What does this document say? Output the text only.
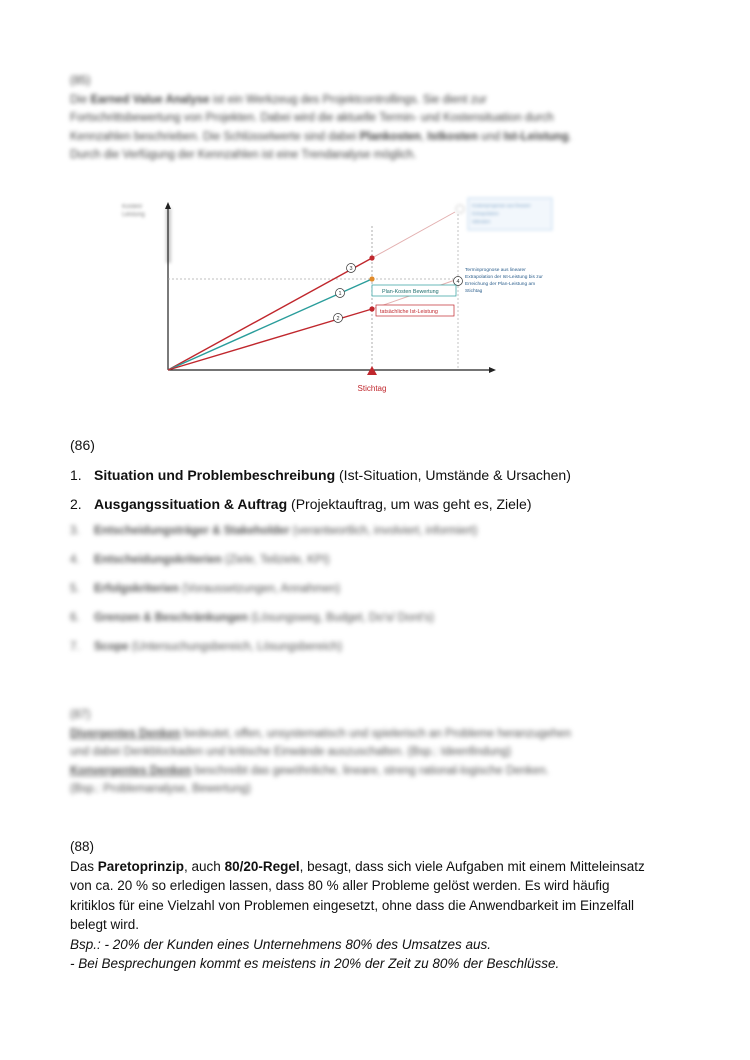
(85)

Die Earned Value Analyse ist ein Werkzeug des Projektcontrollings. Sie dient zur

Fortschrittsbewertung von Projekten. Dabei wird die aktuelle Termin- und Kostensituation durch

Kennzahlen beschrieben. Die Schlüsselwerte sind dabei Plankosten, Istkosten und Ist-Leistung.

Durch die Verfügung der Kennzahlen ist eine Trendanalyse möglich.

Kosten/
Leistung
3
1
2
4
Plan-Kosten Bewertung
tatsächliche Ist-Leistung
Terminprognose aus linearer
Extrapolation der Ist-Leistung bis zur
Erreichung der Plan-Leistung am
Stichtag
Kostenprognose aus linearer
Extrapolation
Istkosten
Stichtag

(86)

1. Situation und Problembeschreibung (Ist-Situation, Umstände & Ursachen)
2. Ausgangssituation & Auftrag (Projektauftrag, um was geht es, Ziele)
3.	Entscheidungsträger & Stakeholder (verantwortlich, involviert, informiert)
4.	Entscheidungskriterien (Ziele, Teilziele, KPI)
5.	Erfolgskriterien (Voraussetzungen, Annahmen)
6.	Grenzen & Beschränkungen (Lösungsweg, Budget, Do's/ Dont's)
7.	Scope (Untersuchungsbereich, Lösungsbereich)

(87)

Divergentes Denken bedeutet, offen, unsystematisch und spielerisch an Probleme heranzugehen

und dabei Denkblockaden und kritische Einwände auszuschalten. (Bsp.: Ideenfindung)

Konvergentes Denken beschreibt das gewöhnliche, lineare, streng rational-logische Denken.

(Bsp.: Problemanalyse, Bewertung)

(88)

Das Paretoprinzip, auch 80/20-Regel, besagt, dass sich viele Aufgaben mit einem Mitteleinsatz

von ca. 20 % so erledigen lassen, dass 80 % aller Probleme gelöst werden. Es wird häufig

kritiklos für eine Vielzahl von Problemen eingesetzt, ohne dass die Anwendbarkeit im Einzelfall

belegt wird.

Bsp.: - 20% der Kunden eines Unternehmens 80% des Umsatzes aus.

- Bei Besprechungen kommt es meistens in 20% der Zeit zu 80% der Beschlüsse.
